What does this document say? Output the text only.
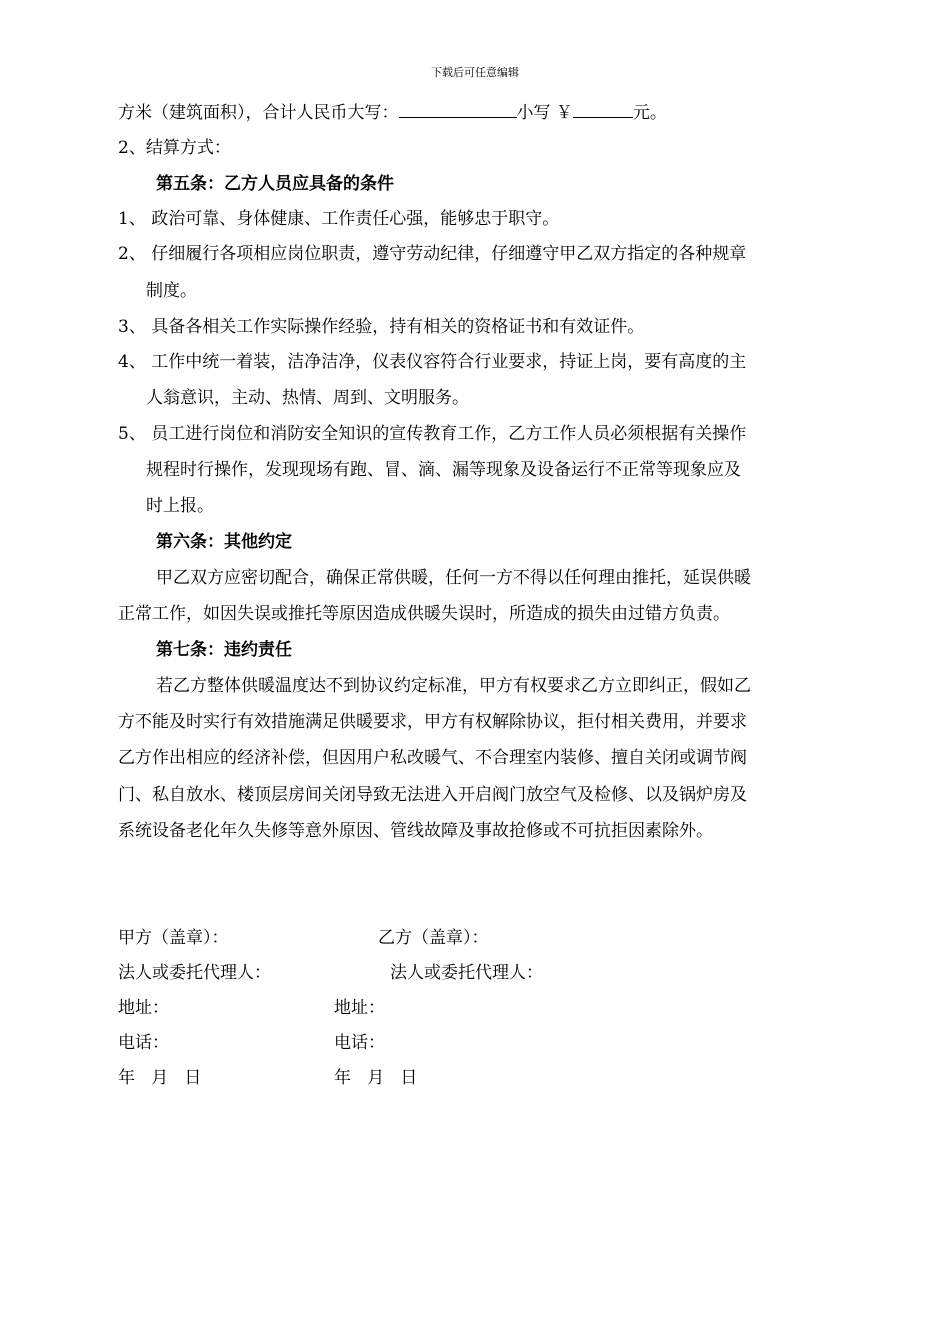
下载后可任意编辑
方米（建筑面积），合计人民币大写：	小写 ￥	元。
2、结算方式：
第五条：乙方人员应具备的条件
1、 政治可靠、身体健康、工作责任心强，能够忠于职守。
2、 仔细履行各项相应岗位职责，遵守劳动纪律，仔细遵守甲乙双方指定的各种规章
制度。
3、 具备各相关工作实际操作经验，持有相关的资格证书和有效证件。
4、 工作中统一着装，洁净洁净，仪表仪容符合行业要求，持证上岗，要有高度的主
人翁意识，主动、热情、周到、文明服务。
5、 员工进行岗位和消防安全知识的宣传教育工作，乙方工作人员必须根据有关操作
规程时行操作，发现现场有跑、冒、滴、漏等现象及设备运行不正常等现象应及
时上报。
第六条：其他约定
甲乙双方应密切配合，确保正常供暖，任何一方不得以任何理由推托，延误供暖
正常工作，如因失误或推托等原因造成供暖失误时，所造成的损失由过错方负责。
第七条：违约责任
若乙方整体供暖温度达不到协议约定标准，甲方有权要求乙方立即纠正，假如乙
方不能及时实行有效措施满足供暖要求，甲方有权解除协议，拒付相关费用，并要求
乙方作出相应的经济补偿，但因用户私改暖气、不合理室内装修、擅自关闭或调节阀
门、私自放水、楼顶层房间关闭导致无法进入开启阀门放空气及检修、以及锅炉房及
系统设备老化年久失修等意外原因、管线故障及事故抢修或不可抗拒因素除外。
甲方（盖章）：	乙方（盖章）：
法人或委托代理人：	法人或委托代理人：
地址：	地址：
电话：	电话：
年   月   日	年   月   日
